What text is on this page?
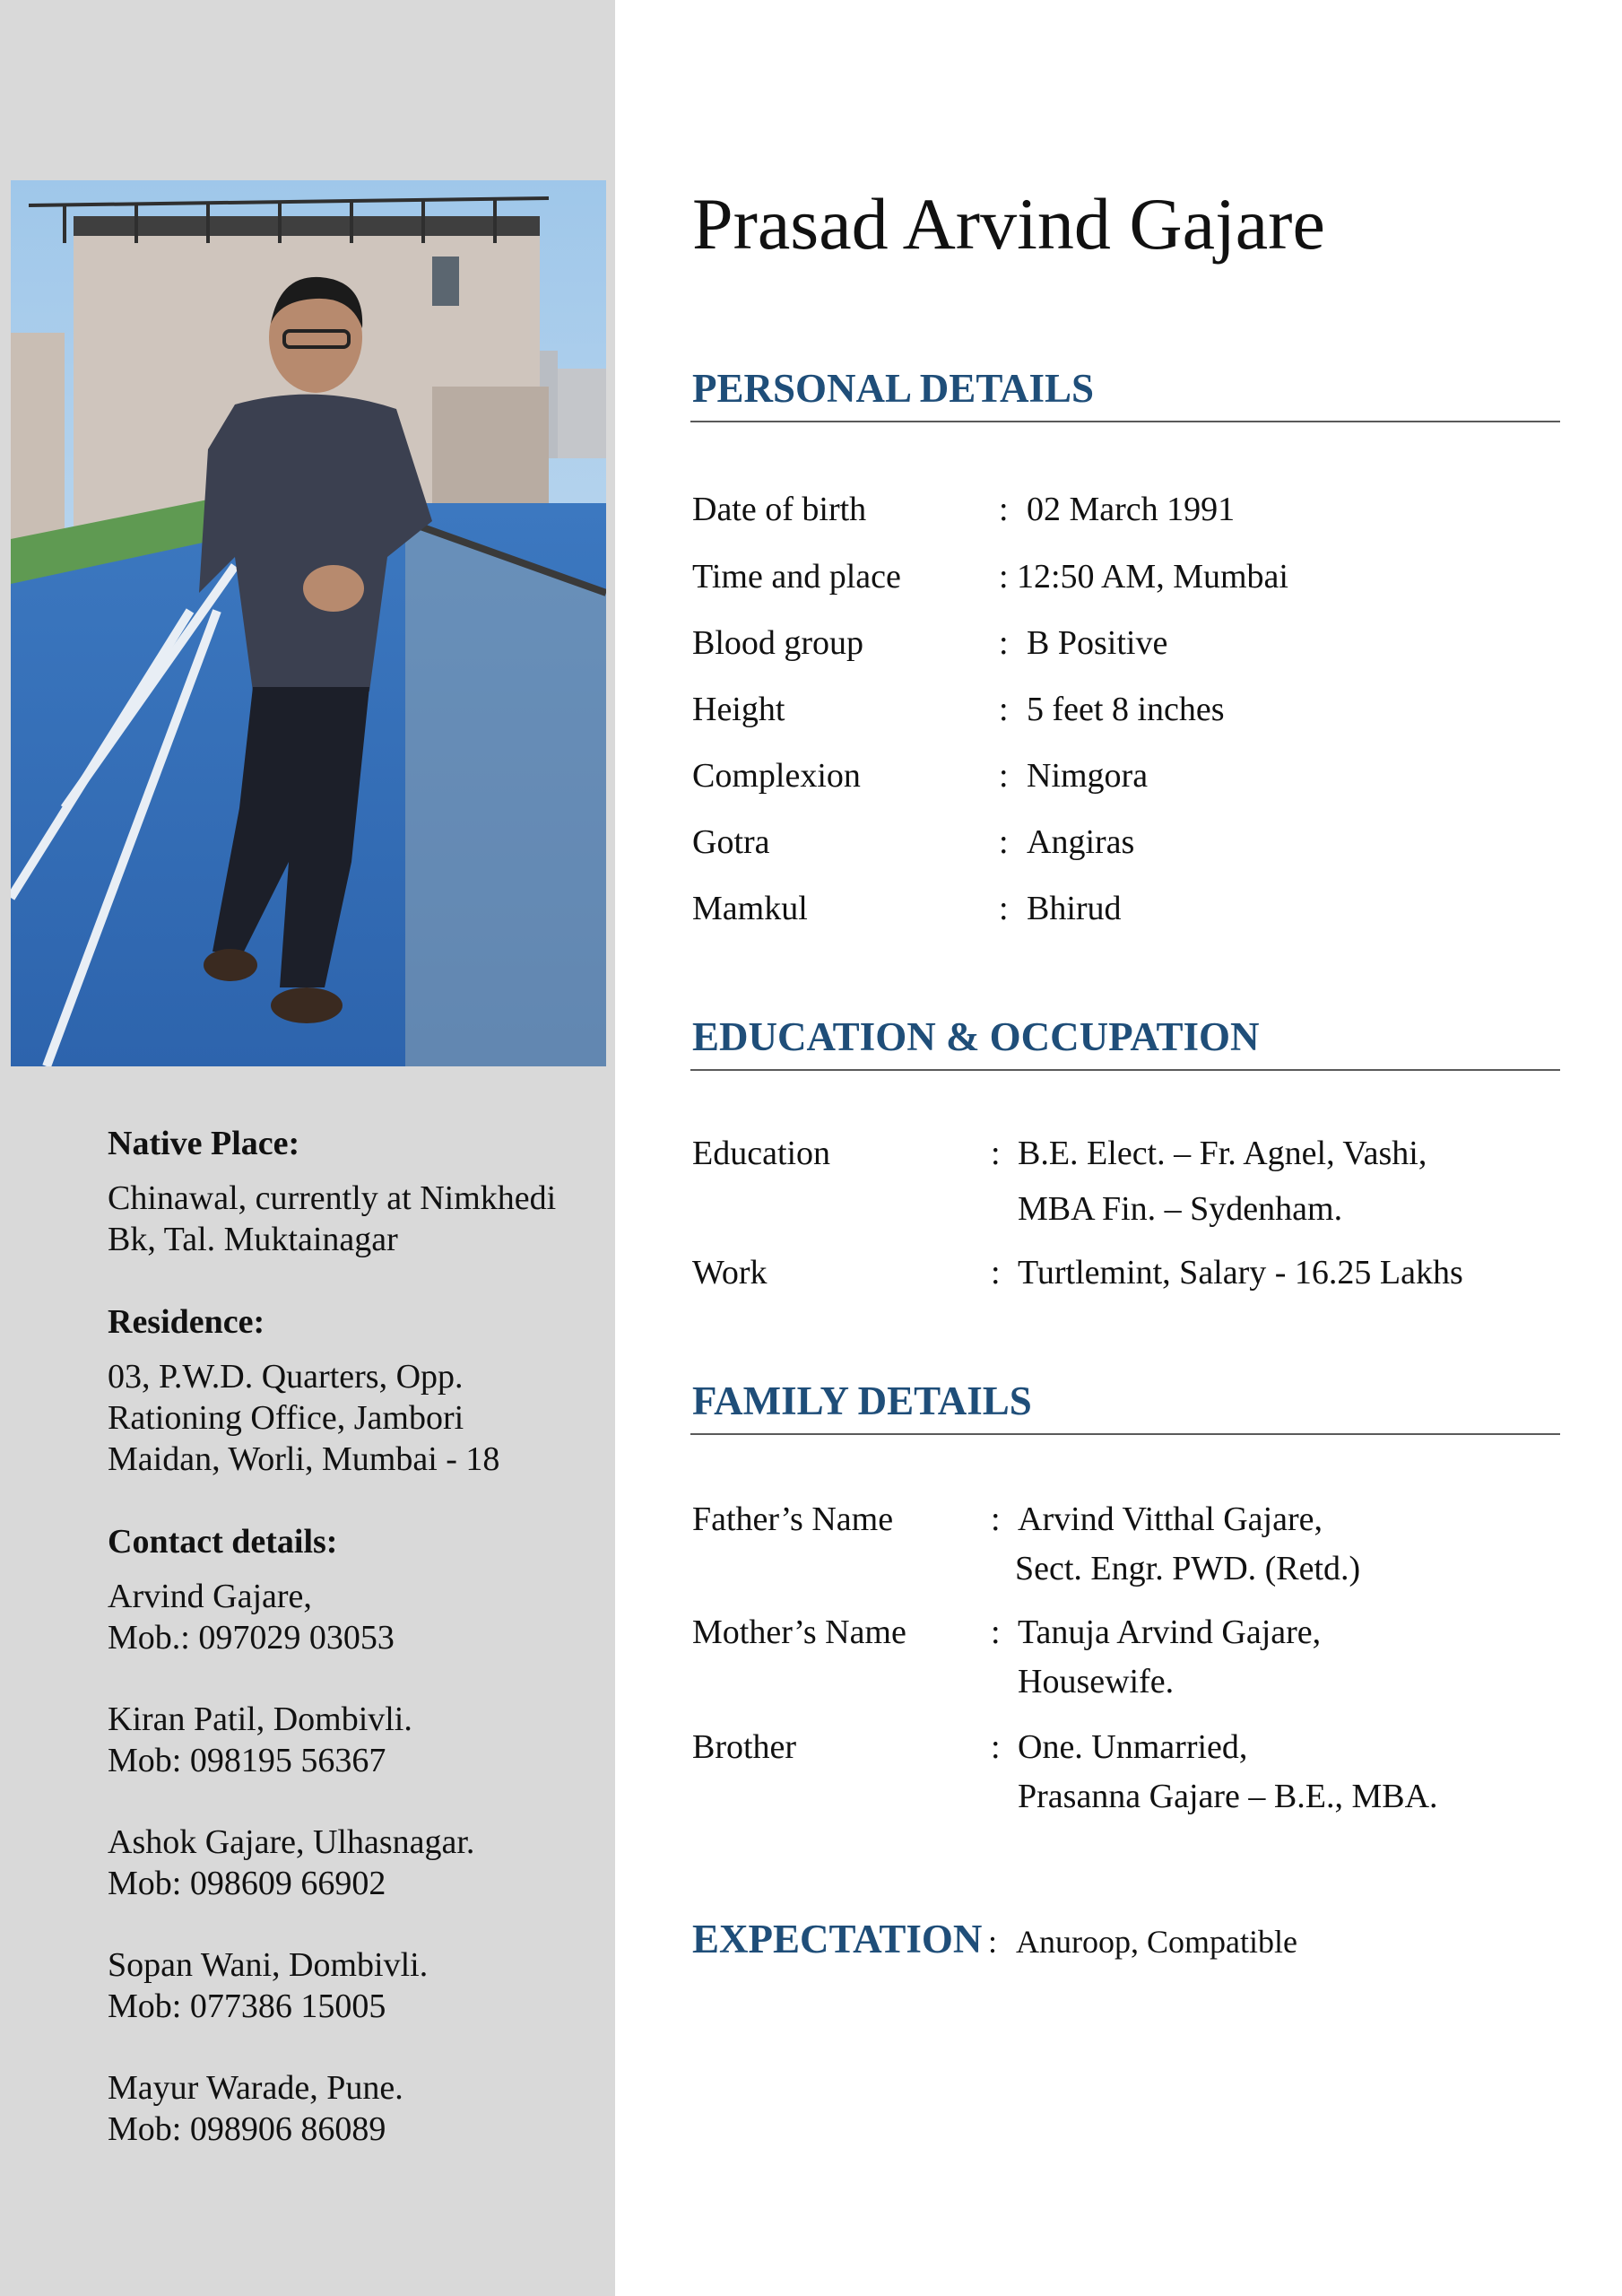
Native Place:

Chinawal, currently at Nimkhedi
Bk, Tal. Muktainagar

Residence:

03, P.W.D. Quarters, Opp.
Rationing Office, Jambori
Maidan, Worli, Mumbai - 18

Contact details:

Arvind Gajare,

Mob.: 097029 03053

Kiran Patil, Dombivli.

Mob: 098195 56367

Ashok Gajare, Ulhasnagar.

Mob: 098609 66902

Sopan Wani, Dombivli.

Mob: 077386 15005

Mayur Warade, Pune.

Mob: 098906 86089

Prasad Arvind Gajare
PERSONAL DETAILS
Date of birth	: 02 March 1991
Time and place	: 12:50 AM, Mumbai
Blood group	: B Positive
Height	: 5 feet 8 inches
Complexion	: Nimgora
Gotra	: Angiras
Mamkul	: Bhirud
EDUCATION & OCCUPATION
Education	: B.E. Elect. – Fr. Agnel, Vashi,
MBA Fin. – Sydenham.
Work	: Turtlemint, Salary - 16.25 Lakhs
FAMILY DETAILS
Father’s Name	: Arvind Vitthal Gajare,
Sect. Engr. PWD. (Retd.)
Mother’s Name : Tanuja Arvind Gajare,
Housewife.
Brother	: One. Unmarried,
Prasanna Gajare – B.E., MBA.
EXPECTATION : Anuroop, Compatible
